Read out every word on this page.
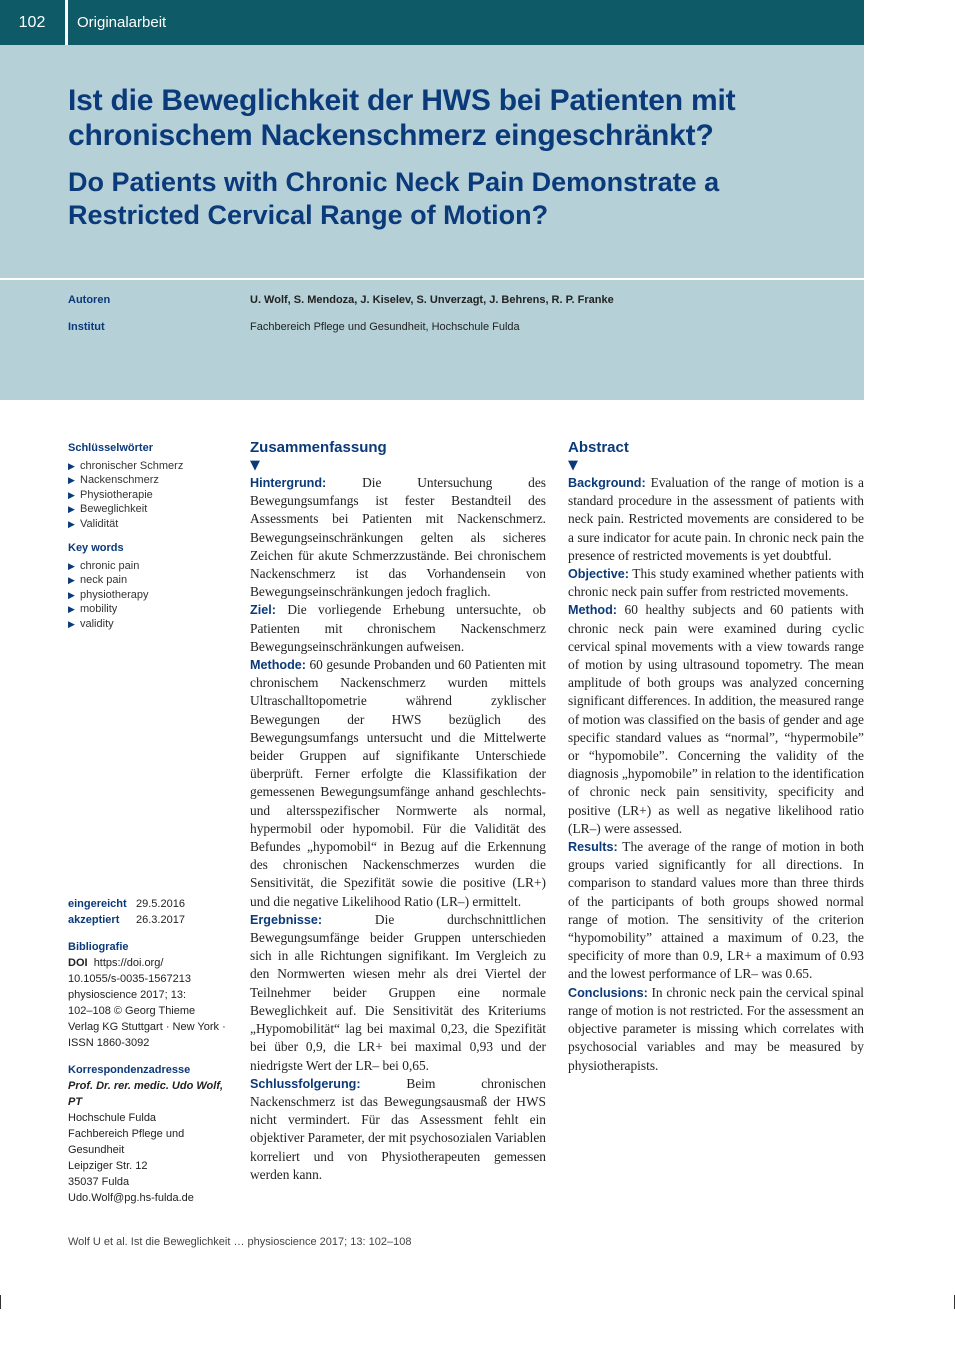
102	Originalarbeit
Ist die Beweglichkeit der HWS bei Patienten mit chronischem Nackenschmerz eingeschränkt?
Do Patients with Chronic Neck Pain Demonstrate a Restricted Cervical Range of Motion?
Autoren	U. Wolf, S. Mendoza, J. Kiselev, S. Unverzagt, J. Behrens, R. P. Franke
Institut	Fachbereich Pflege und Gesundheit, Hochschule Fulda
Schlüsselwörter
▶ chronischer Schmerz
▶ Nackenschmerz
▶ Physiotherapie
▶ Beweglichkeit
▶ Validität
Key words
▶ chronic pain
▶ neck pain
▶ physiotherapy
▶ mobility
▶ validity
eingereicht 29.5.2016
akzeptiert 26.3.2017
Bibliografie
DOI https://doi.org/
10.1055/s-0035-1567213
physioscience 2017; 13:
102–108 © Georg Thieme
Verlag KG Stuttgart · New York ·
ISSN 1860-3092
Korrespondenzadresse
Prof. Dr. rer. medic. Udo Wolf,
PT
Hochschule Fulda
Fachbereich Pflege und
Gesundheit
Leipziger Str. 12
35037 Fulda
Udo.Wolf@pg.hs-fulda.de
Zusammenfassung
▼

Hintergrund:	Die Untersuchung des Bewegungsumfangs ist fester Bestandteil des Assessments bei Patienten mit Nackenschmerz. Bewegungseinschränkungen gelten als sicheres Zeichen für akute Schmerzzustände. Bei chronischem Nackenschmerz ist das Vorhandensein von Bewegungseinschränkungen jedoch fraglich.

Ziel: Die vorliegende Erhebung untersuchte, ob Patienten mit chronischem Nackenschmerz Bewegungseinschränkungen aufweisen.

Methode: 60 gesunde Probanden und 60 Patienten mit chronischem Nackenschmerz wurden mittels Ultraschalltopometrie während zyklischer Bewegungen der HWS bezüglich des Bewegungsumfangs untersucht und die Mittelwerte beider Gruppen auf signifikante Unterschiede überprüft. Ferner erfolgte die Klassifikation der gemessenen Bewegungsumfänge anhand geschlechts- und altersspezifischer Normwerte als normal, hypermobil oder hypomobil. Für die Validität des Befundes „hypomobil“ in Bezug auf die Erkennung des chronischen Nackenschmerzes wurden die Sensitivität, die Spezifität sowie die positive (LR+) und die negative Likelihood Ratio (LR–) ermittelt.

Ergebnisse:	Die durchschnittlichen Bewegungsumfänge beider Gruppen unterschieden sich in alle Richtungen signifikant. Im Vergleich zu den Normwerten wiesen mehr als drei Viertel der Teilnehmer beider Gruppen eine normale Beweglichkeit auf. Die Sensitivität des Kriteriums „Hypomobilität“ lag bei maximal 0,23, die Spezifität bei über 0,9, die LR+ bei maximal 0,93 und der niedrigste Wert der LR– bei 0,65.

Schlussfolgerung:	Beim chronischen Nackenschmerz ist das Bewegungsausmaß der HWS nicht vermindert. Für das Assessment fehlt ein objektiver Parameter, der mit psychosozialen Variablen korreliert und von Physiotherapeuten gemessen werden kann.

Abstract
▼

Background: Evaluation of the range of motion is a standard procedure in the assessment of patients with neck pain. Restricted movements are considered to be a sure indicator for acute pain. In chronic neck pain the presence of restricted movements is yet doubtful.

Objective: This study examined whether patients with chronic neck pain suffer from restricted movements.

Method: 60 healthy subjects and 60 patients with chronic neck pain were examined during cyclic cervical spinal movements with a view towards range of motion by using ultrasound topometry. The mean amplitude of both groups was analyzed concerning significant differences. In addition, the measured range of motion was classified on the basis of gender and age specific standard values as “normal”, “hypermobile” or “hypomobile”. Concerning the validity of the diagnosis „hypomobile” in relation to the identification of chronic neck pain sensitivity, specificity and positive (LR+) as well as negative likelihood ratio (LR–) were assessed.

Results: The average of the range of motion in both groups varied significantly for all directions. In comparison to standard values more than three thirds of the participants of both groups showed normal range of motion. The sensitivity of the criterion “hypomobility” attained a maximum of 0.23, the specificity of more than 0.9, LR+ a maximum of 0.93 and the lowest performance of LR– was 0.65.

Conclusions: In chronic neck pain the cervical spinal range of motion is not restricted. For the assessment an objective parameter is missing which correlates with psychosocial variables and may be measured by physiotherapists.

Wolf U et al. Ist die Beweglichkeit … physioscience 2017; 13: 102–108
